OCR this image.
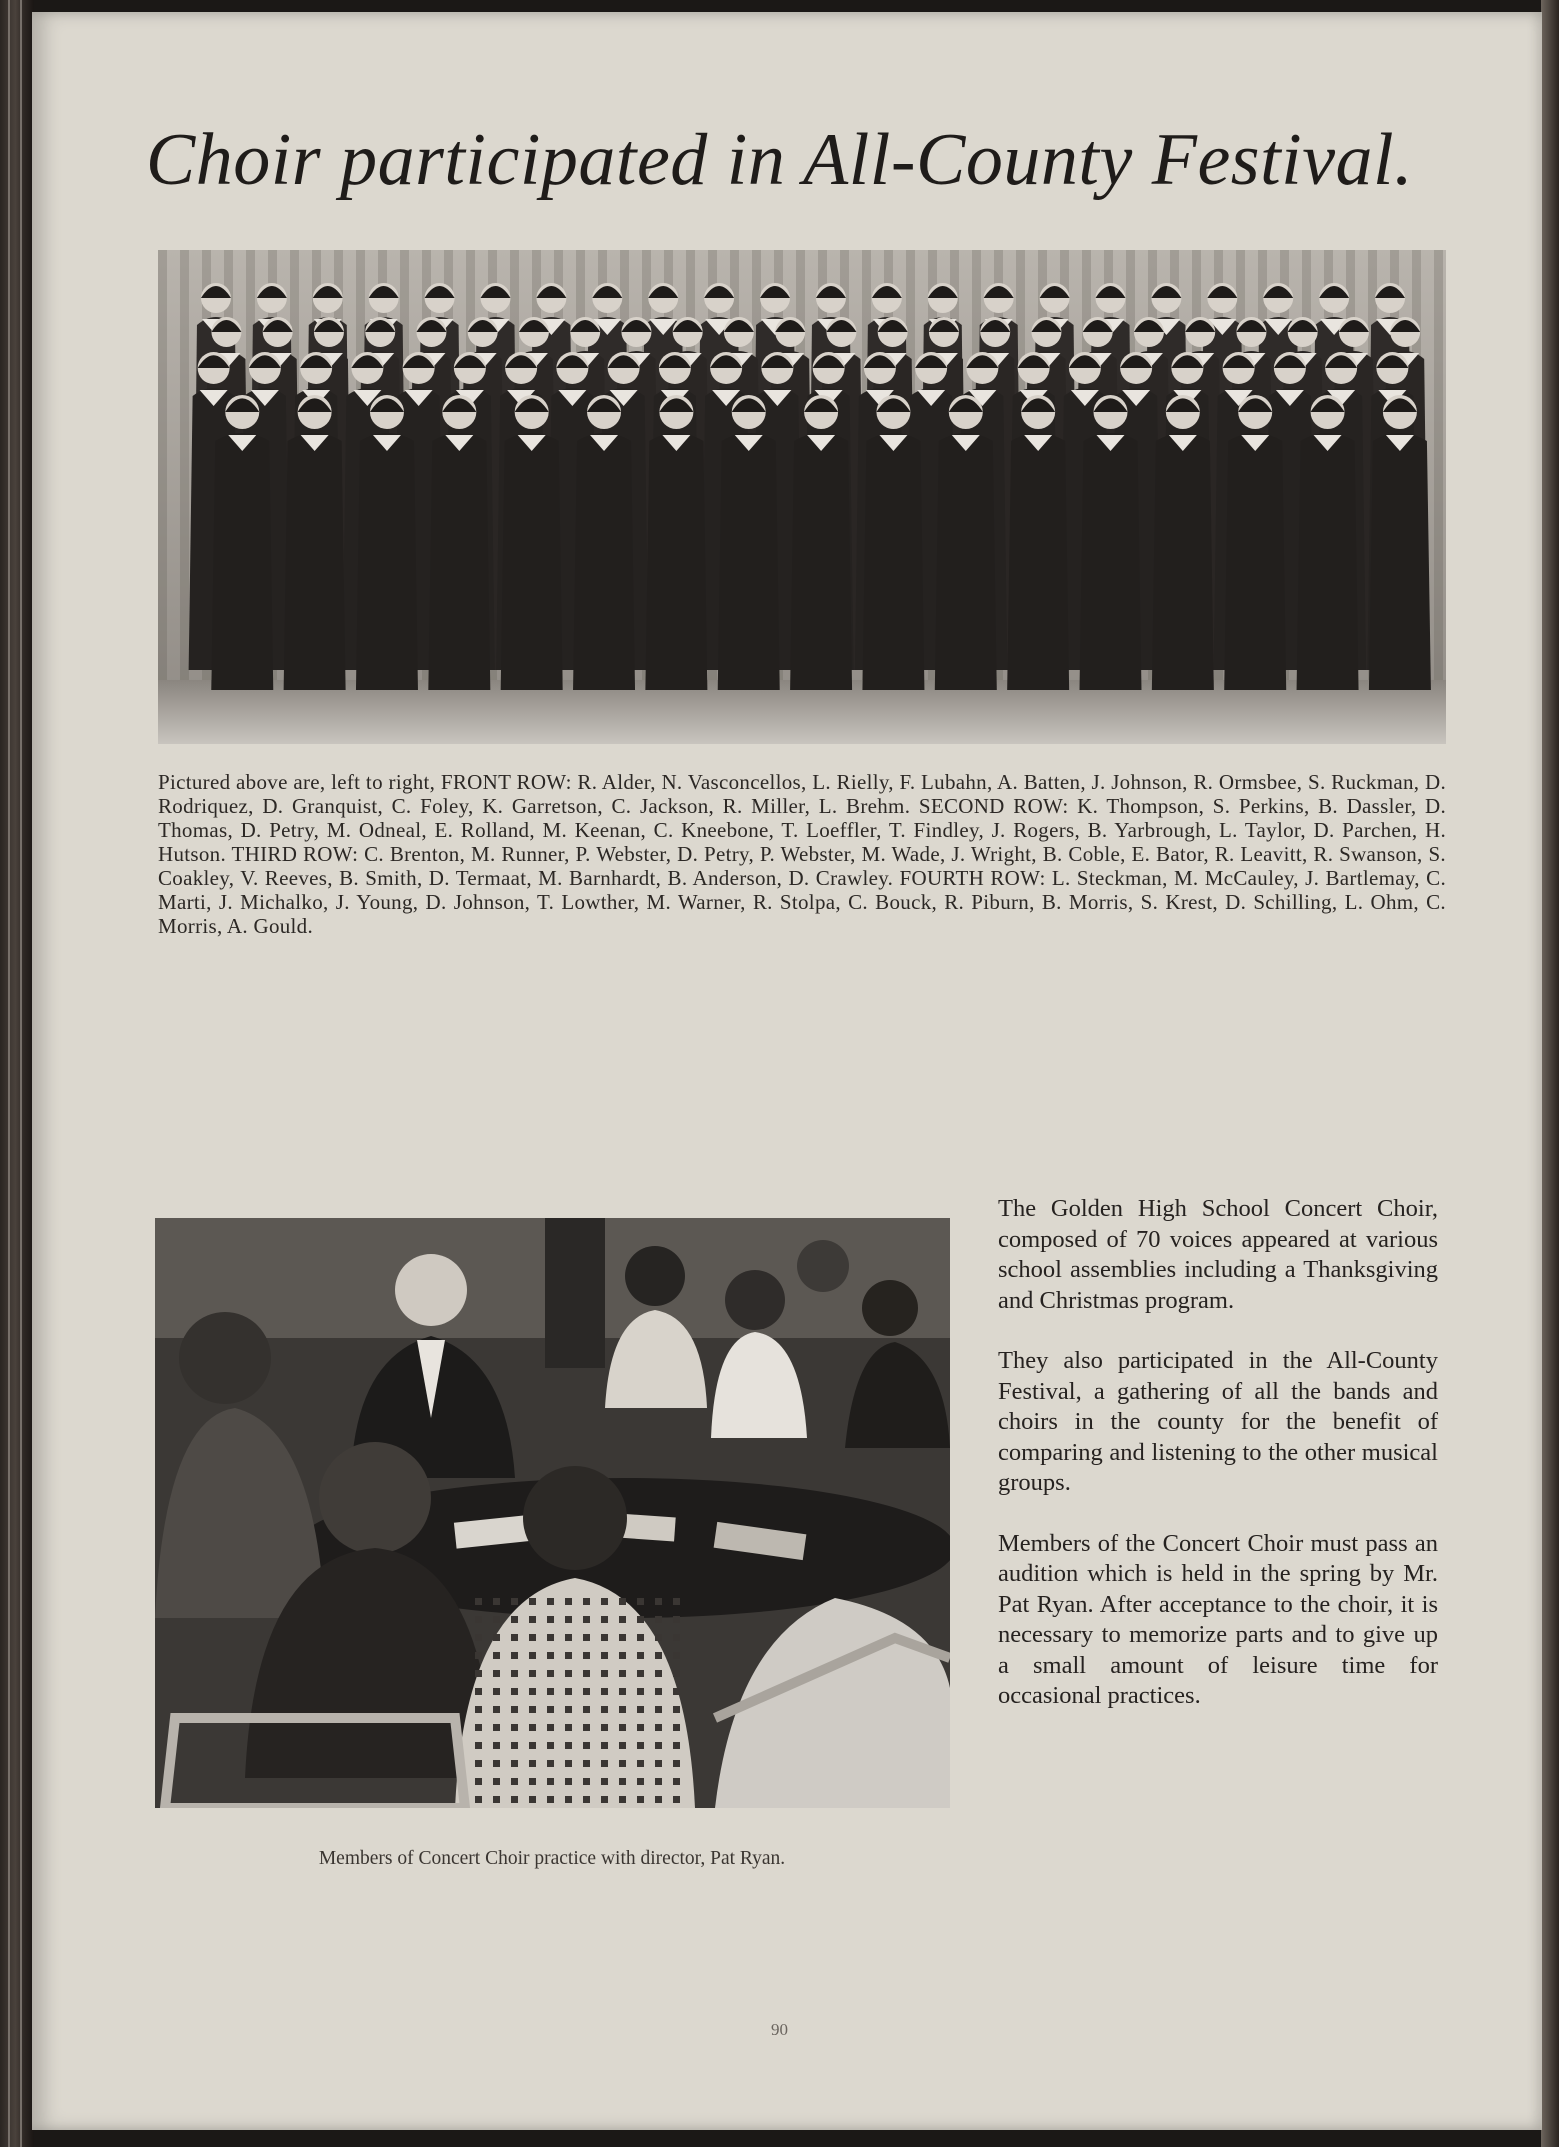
Choir participated in All-County Festival.

Pictured above are, left to right, FRONT ROW: R. Alder, N. Vasconcellos, L. Rielly, F. Lubahn, A. Batten, J. Johnson, R. Ormsbee, S. Ruckman, D. Rodriquez, D. Granquist, C. Foley, K. Garretson, C. Jackson, R. Miller, L. Brehm. SECOND ROW: K. Thompson, S. Perkins, B. Dassler, D. Thomas, D. Petry, M. Odneal, E. Rolland, M. Keenan, C. Kneebone, T. Loeffler, T. Findley, J. Rogers, B. Yarbrough, L. Taylor, D. Parchen, H. Hutson. THIRD ROW: C. Brenton, M. Runner, P. Webster, D. Petry, P. Webster, M. Wade, J. Wright, B. Coble, E. Bator, R. Leavitt, R. Swanson, S. Coakley, V. Reeves, B. Smith, D. Termaat, M. Barnhardt, B. Anderson, D. Crawley. FOURTH ROW: L. Steckman, M. McCauley, J. Bartlemay, C. Marti, J. Michalko, J. Young, D. Johnson, T. Lowther, M. Warner, R. Stolpa, C. Bouck, R. Piburn, B. Morris, S. Krest, D. Schilling, L. Ohm, C. Morris, A. Gould.

The Golden High School Concert Choir, composed of 70 voices appeared at various school assemblies including a Thanksgiving and Christmas program.

They also participated in the All-County Festival, a gathering of all the bands and choirs in the county for the benefit of comparing and listening to the other musical groups.

Members of the Concert Choir must pass an audition which is held in the spring by Mr. Pat Ryan. After acceptance to the choir, it is necessary to memorize parts and to give up a small amount of leisure time for occasional practices.

Members of Concert Choir practice with director, Pat Ryan.

90
